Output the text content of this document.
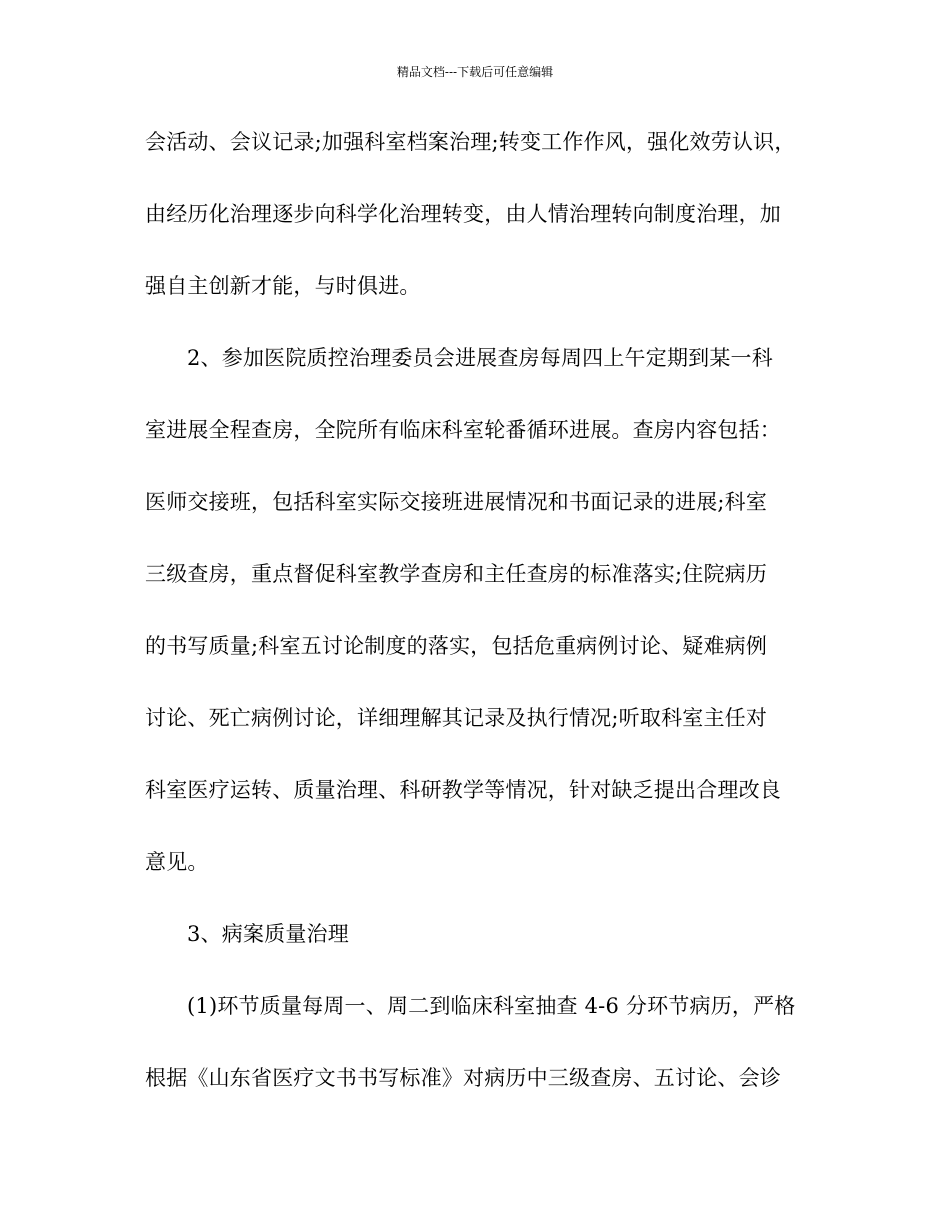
精品文档---下载后可任意编辑
会活动、会议记录;加强科室档案治理;转变工作作风，强化效劳认识，
由经历化治理逐步向科学化治理转变，由人情治理转向制度治理，加
强自主创新才能，与时俱进。
2、参加医院质控治理委员会进展查房每周四上午定期到某一科
室进展全程查房，全院所有临床科室轮番循环进展。查房内容包括：
医师交接班，包括科室实际交接班进展情况和书面记录的进展;科室
三级查房，重点督促科室教学查房和主任查房的标准落实;住院病历
的书写质量;科室五讨论制度的落实，包括危重病例讨论、疑难病例
讨论、死亡病例讨论，详细理解其记录及执行情况;听取科室主任对
科室医疗运转、质量治理、科研教学等情况，针对缺乏提出合理改良
意见。
3、病案质量治理
(1)环节质量每周一、周二到临床科室抽查 4-6 分环节病历，严格
根据《山东省医疗文书书写标准》对病历中三级查房、五讨论、会诊
